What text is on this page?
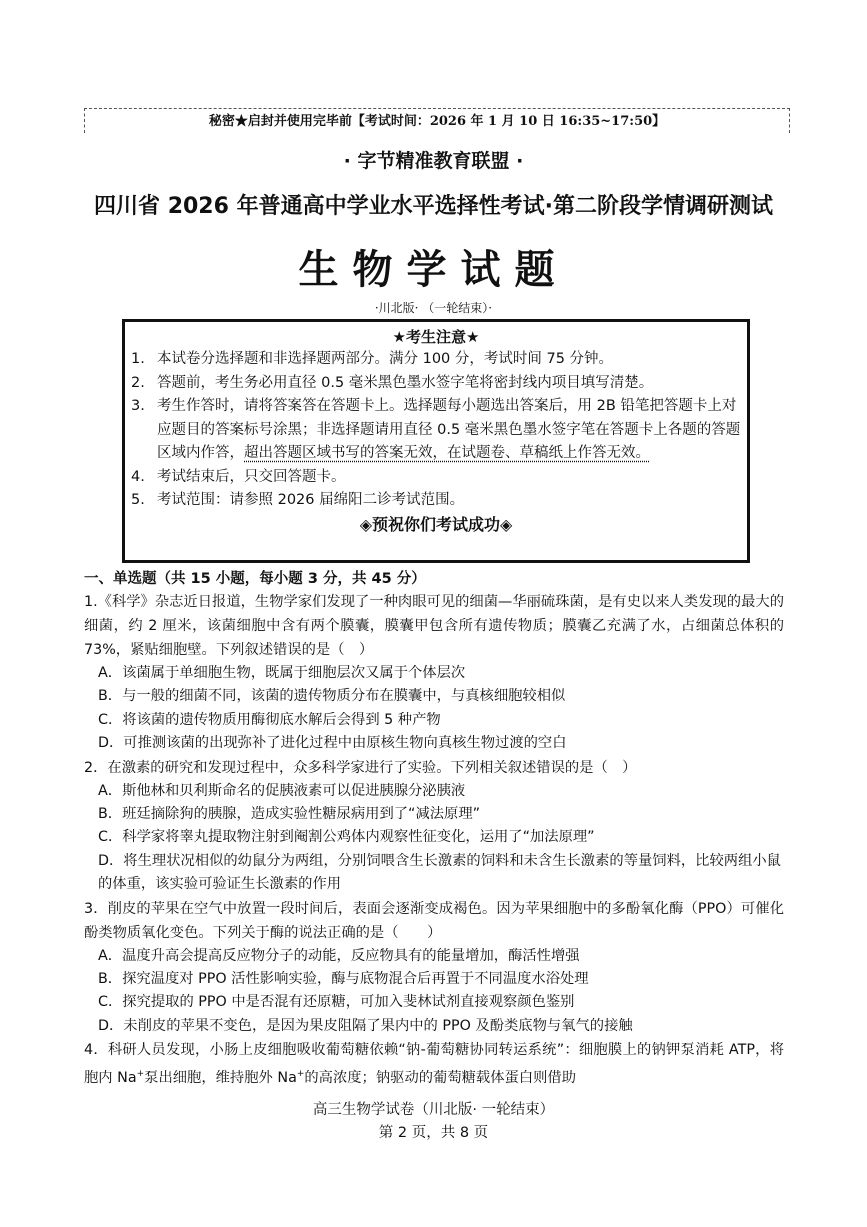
秘密★启封并使用完毕前【考试时间：2026 年 1 月 10 日 16:35~17:50】
· 字节精准教育联盟 ·
四川省 2026 年普通高中学业水平选择性考试·第二阶段学情调研测试
生物学试题
·川北版· （一轮结束）·
★考生注意★
1. 本试卷分选择题和非选择题两部分。满分 100 分，考试时间 75 分钟。
2. 答题前，考生务必用直径 0.5 毫米黑色墨水签字笔将密封线内项目填写清楚。
3. 考生作答时，请将答案答在答题卡上。选择题每小题选出答案后，用 2B 铅笔把答题卡上对应题目的答案标号涂黑；非选择题请用直径 0.5 毫米黑色墨水签字笔在答题卡上各题的答题区域内作答，超出答题区域书写的答案无效，在试题卷、草稿纸上作答无效。
4. 考试结束后，只交回答题卡。
5. 考试范围：请参照 2026 届绵阳二诊考试范围。
◈预祝你们考试成功◈
一、单选题（共 15 小题，每小题 3 分，共 45 分）
1.《科学》杂志近日报道，生物学家们发现了一种肉眼可见的细菌—华丽硫珠菌，是有史以来人类发现的最大的细菌，约 2 厘米，该菌细胞中含有两个膜囊，膜囊甲包含所有遗传物质；膜囊乙充满了水，占细菌总体积的 73%，紧贴细胞壁。下列叙述错误的是（　）
A．该菌属于单细胞生物，既属于细胞层次又属于个体层次
B．与一般的细菌不同，该菌的遗传物质分布在膜囊中，与真核细胞较相似
C．将该菌的遗传物质用酶彻底水解后会得到 5 种产物
D．可推测该菌的出现弥补了进化过程中由原核生物向真核生物过渡的空白
2．在激素的研究和发现过程中，众多科学家进行了实验。下列相关叙述错误的是（　）
A．斯他林和贝利斯命名的促胰液素可以促进胰腺分泌胰液
B．班廷摘除狗的胰腺，造成实验性糖尿病用到了“减法原理”
C．科学家将睾丸提取物注射到阉割公鸡体内观察性征变化，运用了“加法原理”
D．将生理状况相似的幼鼠分为两组，分别饲喂含生长激素的饲料和未含生长激素的等量饲料，比较两组小鼠的体重，该实验可验证生长激素的作用
3．削皮的苹果在空气中放置一段时间后，表面会逐渐变成褐色。因为苹果细胞中的多酚氧化酶（PPO）可催化酚类物质氧化变色。下列关于酶的说法正确的是（　　）
A．温度升高会提高反应物分子的动能，反应物具有的能量增加，酶活性增强
B．探究温度对 PPO 活性影响实验，酶与底物混合后再置于不同温度水浴处理
C．探究提取的 PPO 中是否混有还原糖，可加入斐林试剂直接观察颜色鉴别
D．未削皮的苹果不变色，是因为果皮阻隔了果内中的 PPO 及酚类底物与氧气的接触
4．科研人员发现，小肠上皮细胞吸收葡萄糖依赖“钠-葡萄糖协同转运系统”：细胞膜上的钠钾泵消耗 ATP，将胞内 Na+泵出细胞，维持胞外 Na+的高浓度；钠驱动的葡萄糖载体蛋白则借助
高三生物学试卷（川北版· 一轮结束）
第 2 页，共 8 页
